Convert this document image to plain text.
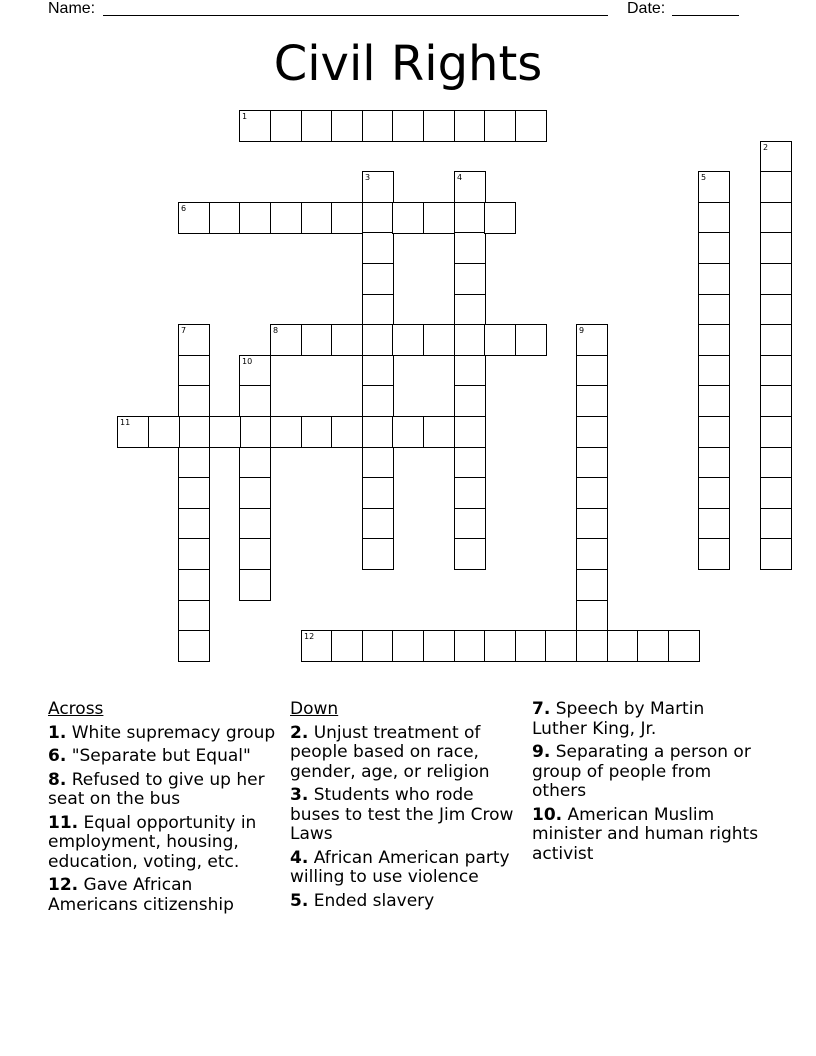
Name:	Date:
Civil Rights
1
2
3	4	5
6
7	8	9
10
11
12
Across
1. White supremacy group
6. "Separate but Equal"
8. Refused to give up her seat on the bus
11. Equal opportunity in employment, housing, education, voting, etc.
12. Gave African Americans citizenship
Down
2. Unjust treatment of people based on race, gender, age, or religion
3. Students who rode buses to test the Jim Crow Laws
4. African American party willing to use violence
5. Ended slavery
7. Speech by Martin Luther King, Jr.
9. Separating a person or group of people from others
10. American Muslim minister and human rights activist
